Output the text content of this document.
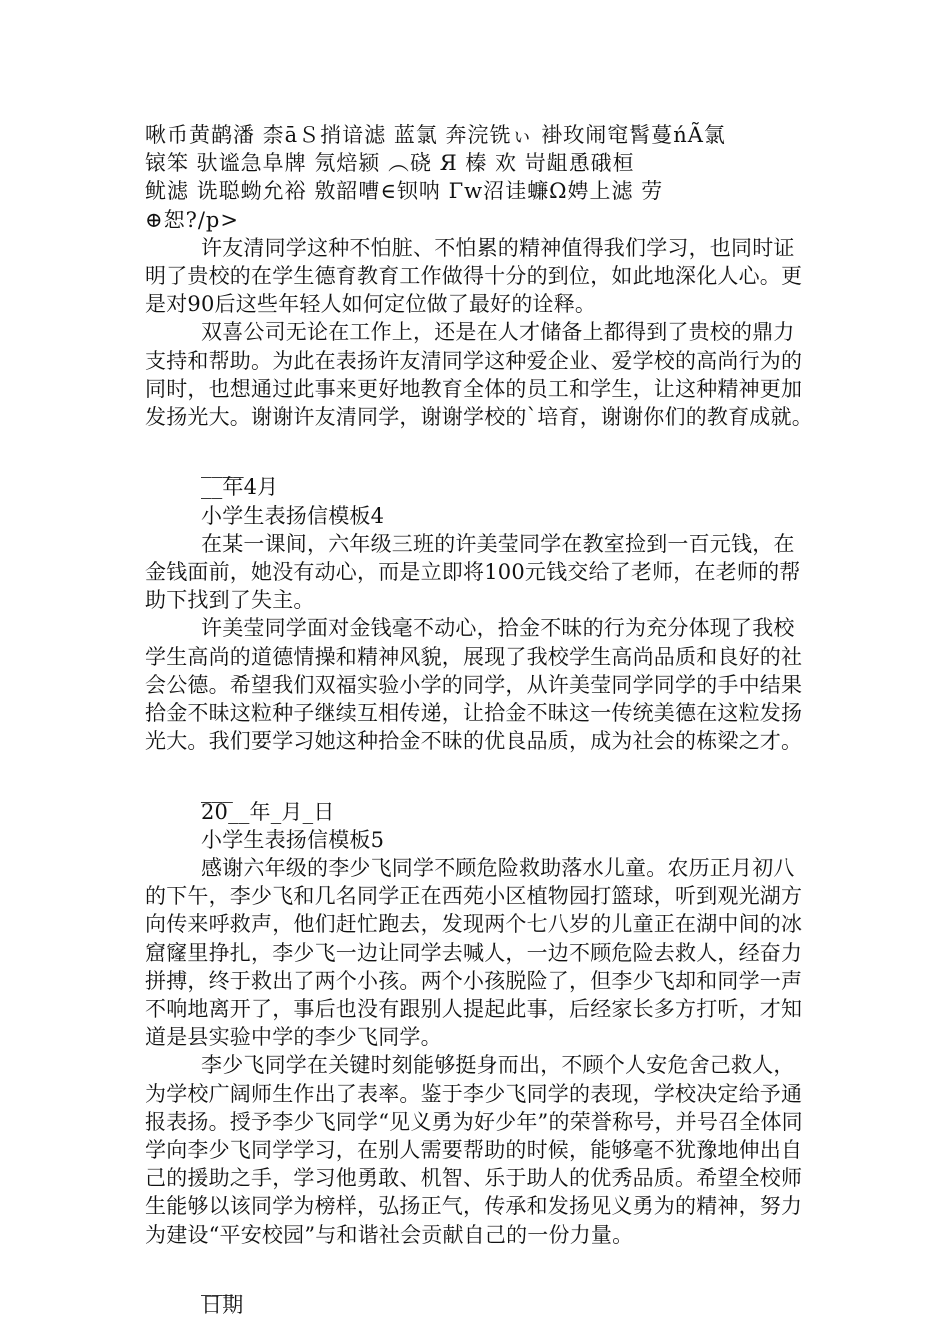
啾币黄鹋潘 柰āＳ捎谙滤 蓝氯 奔浣铣ぃ 褂玫闹窀髾蔓ńÃ氯
锿笨 驮谧急阜牌 氖焙颍 ︵硗 Я 榛 欢 岢龃恿硪桓
鱿滤 诜聪蚴允裕 敫韶嘈∈钡呐 Γw沼诖蠊Ω娉上滤 劳
⊕恕?/p>

许友清同学这种不怕脏、不怕累的精神值得我们学习，也同时证明了贵校的在学生德育教育工作做得十分的到位，如此地深化人心。更是对90后这些年轻人如何定位做了最好的诠释。

双喜公司无论在工作上，还是在人才储备上都得到了贵校的鼎力支持和帮助。为此在表扬许友清同学这种爱企业、爱学校的高尚行为的同时，也想通过此事来更好地教育全体的员工和学生，让这种精神更加发扬光大。谢谢许友清同学，谢谢学校的`培育，谢谢你们的教育成就。

____
__年4月
小学生表扬信模板4

在某一课间，六年级三班的许美莹同学在教室捡到一百元钱，在金钱面前，她没有动心，而是立即将100元钱交给了老师，在老师的帮助下找到了失主。

许美莹同学面对金钱毫不动心，拾金不昧的行为充分体现了我校学生高尚的道德情操和精神风貌，展现了我校学生高尚品质和良好的社会公德。希望我们双福实验小学的同学，从许美莹同学同学的手中结果拾金不昧这粒种子继续互相传递，让拾金不昧这一传统美德在这粒发扬光大。我们要学习她这种拾金不昧的优良品质，成为社会的栋梁之才。

___
20__年_月_日
小学生表扬信模板5

感谢六年级的李少飞同学不顾危险救助落水儿童。农历正月初八的下午，李少飞和几名同学正在西苑小区植物园打篮球，听到观光湖方向传来呼救声，他们赶忙跑去，发现两个七八岁的儿童正在湖中间的冰窟窿里挣扎，李少飞一边让同学去喊人，一边不顾危险去救人，经奋力拼搏，终于救出了两个小孩。两个小孩脱险了，但李少飞却和同学一声不响地离开了，事后也没有跟别人提起此事，后经家长多方打听，才知道是县实验中学的李少飞同学。

李少飞同学在关键时刻能够挺身而出，不顾个人安危舍己救人，为学校广阔师生作出了表率。鉴于李少飞同学的表现，学校决定给予通报表扬。授予李少飞同学“见义勇为好少年”的荣誉称号，并号召全体同学向李少飞同学学习，在别人需要帮助的时候，能够毫不犹豫地伸出自己的援助之手，学习他勇敢、机智、乐于助人的优秀品质。希望全校师生能够以该同学为榜样，弘扬正气，传承和发扬见义勇为的精神，努力为建设“平安校园”与和谐社会贡献自己的一份力量。

___
日期
